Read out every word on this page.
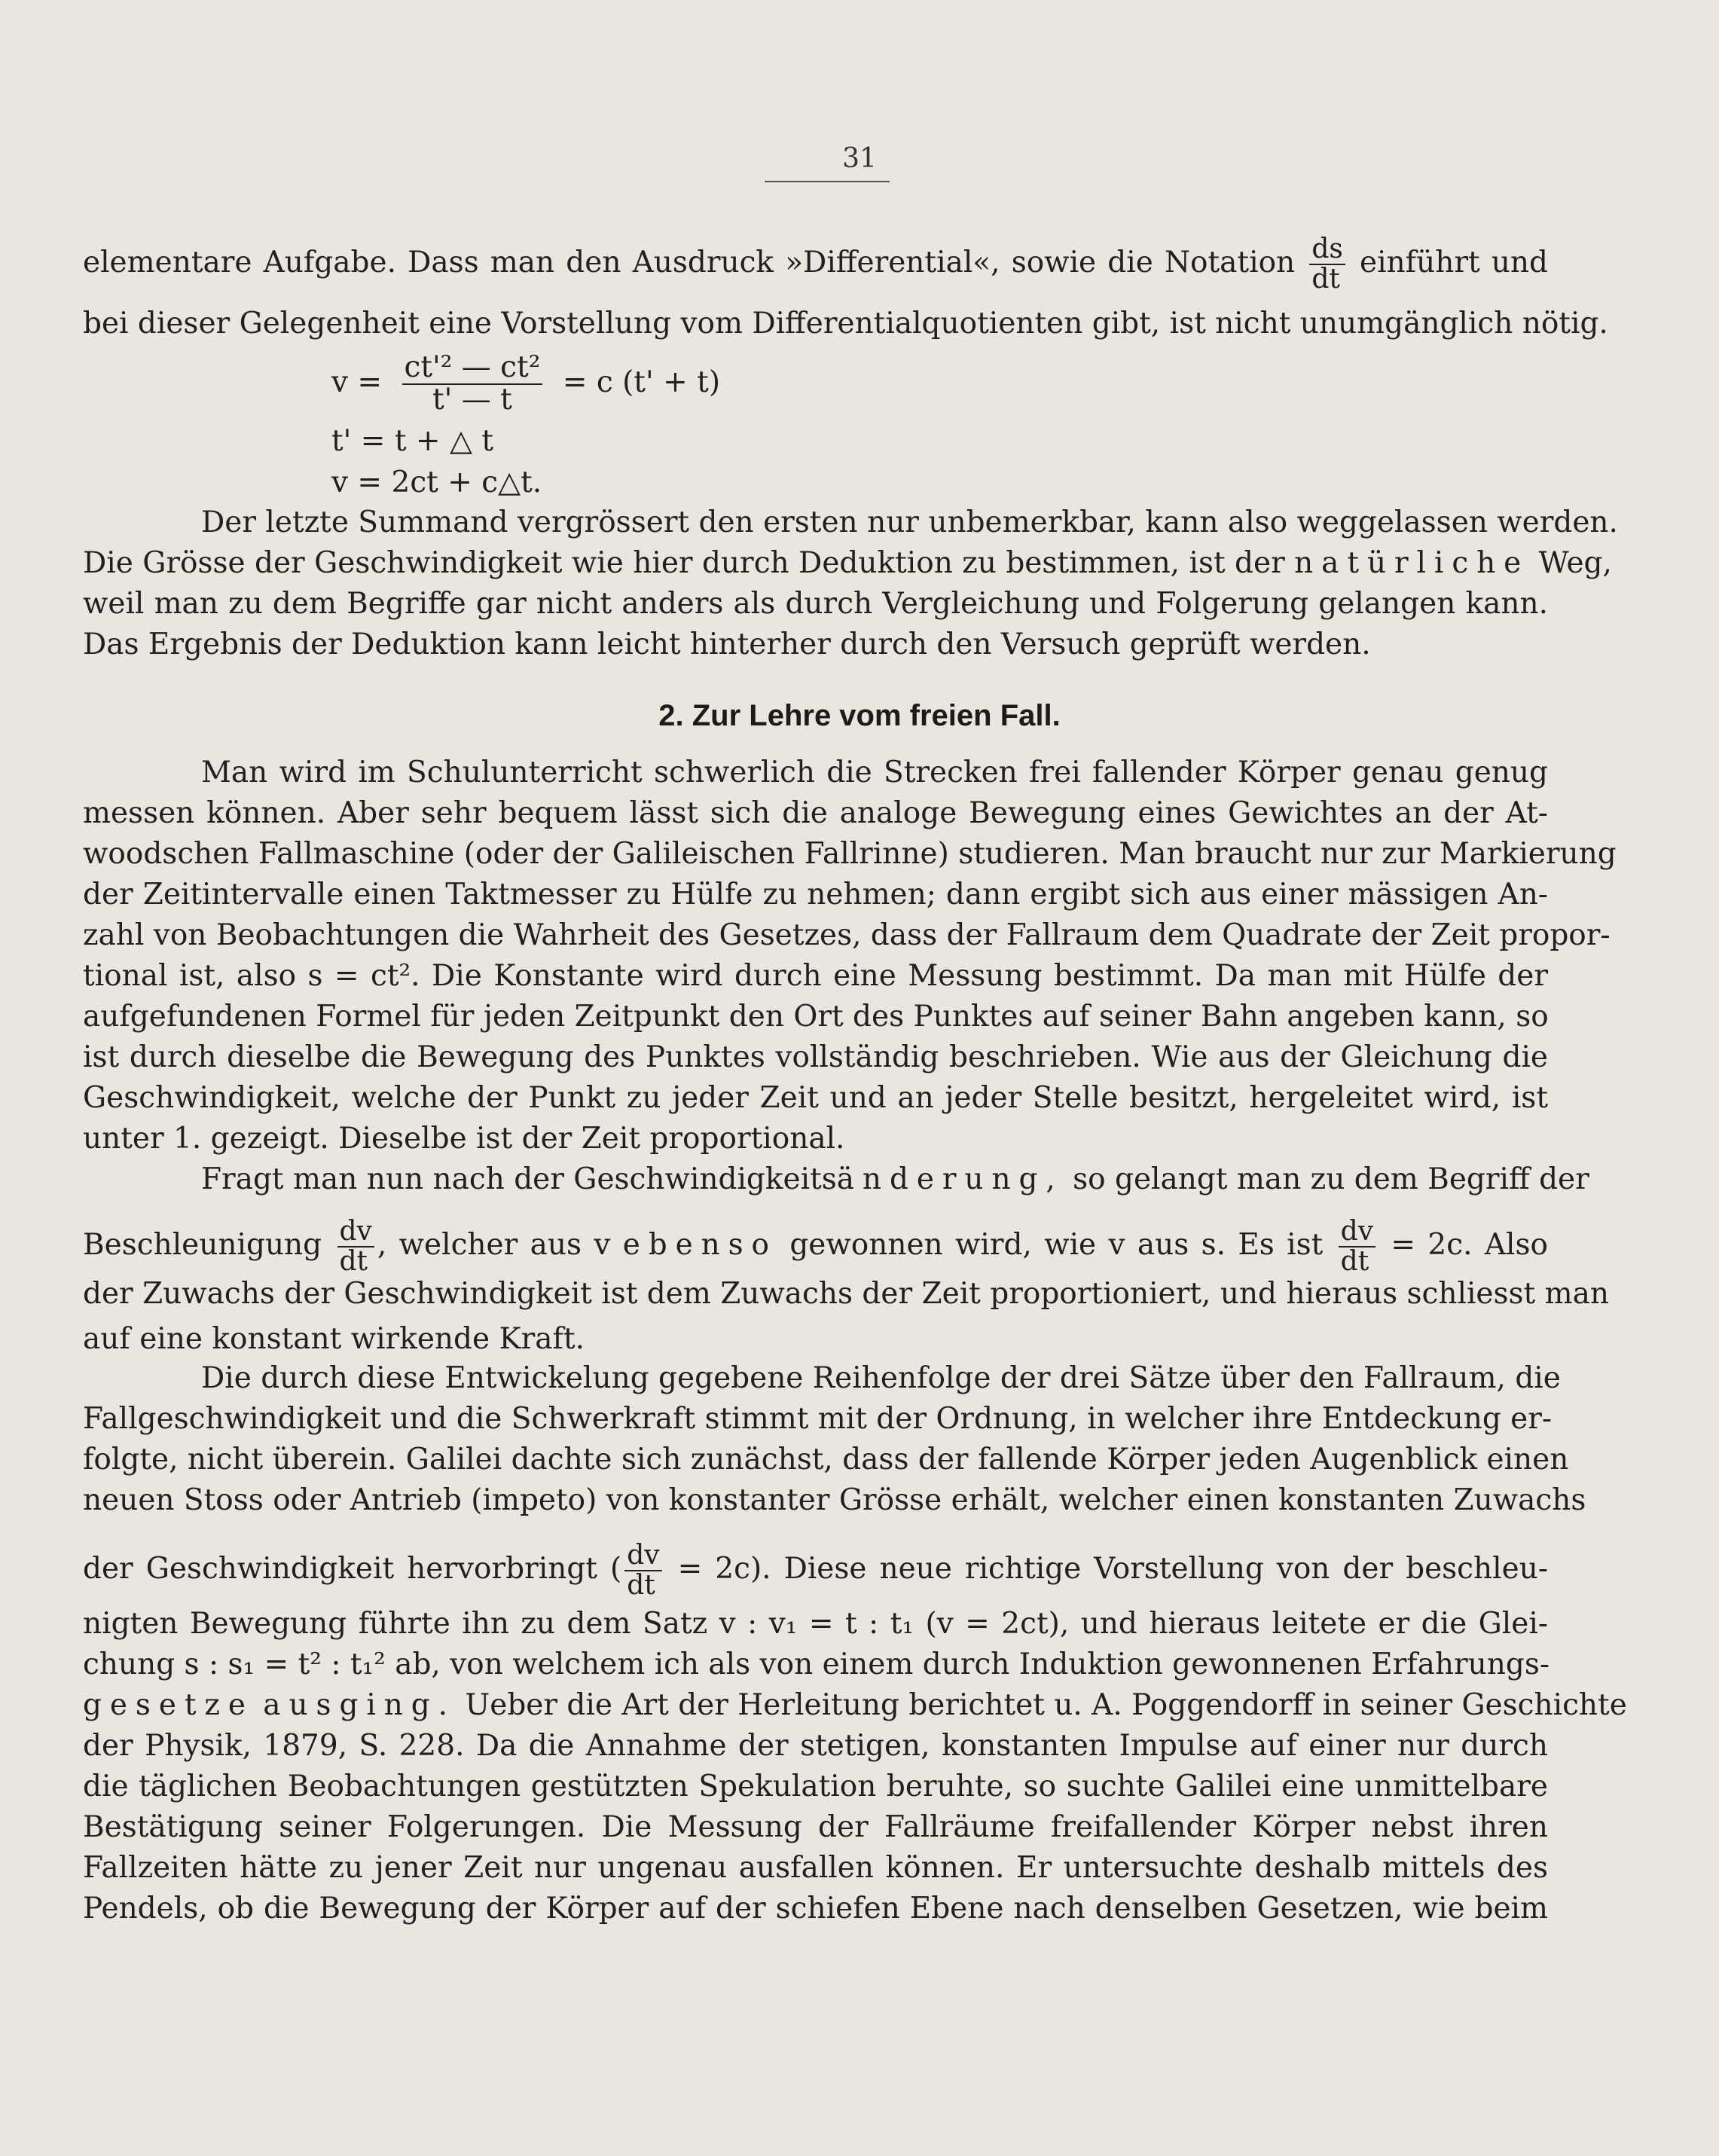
31
elementare Aufgabe. Dass man den Ausdruck »Differential«, sowie die Notation $\frac{ds}{dt}$ einführt und
bei dieser Gelegenheit eine Vorstellung vom Differentialquotienten gibt, ist nicht unumgänglich nötig.
$v = \frac{\text{ct'² — ct²}}{t' — t} = c$ (t' + t)
t' = t + △ t
v = 2ct + c△t.
Der letzte Summand vergrössert den ersten nur unbemerkbar, kann also weggelassen werden.
Die Grösse der Geschwindigkeit wie hier durch Deduktion zu bestimmen, ist der natürliche Weg,
weil man zu dem Begriffe gar nicht anders als durch Vergleichung und Folgerung gelangen kann.
Das Ergebnis der Deduktion kann leicht hinterher durch den Versuch geprüft werden.
2. Zur Lehre vom freien Fall.
Man wird im Schulunterricht schwerlich die Strecken frei fallender Körper genau genug
messen können. Aber sehr bequem lässt sich die analoge Bewegung eines Gewichtes an der At-
woodschen Fallmaschine (oder der Galileischen Fallrinne) studieren. Man braucht nur zur Markierung
der Zeitintervalle einen Taktmesser zu Hülfe zu nehmen; dann ergibt sich aus einer mässigen An-
zahl von Beobachtungen die Wahrheit des Gesetzes, dass der Fallraum dem Quadrate der Zeit propor-
tional ist, also s = ct². Die Konstante wird durch eine Messung bestimmt. Da man mit Hülfe der
aufgefundenen Formel für jeden Zeitpunkt den Ort des Punktes auf seiner Bahn angeben kann, so
ist durch dieselbe die Bewegung des Punktes vollständig beschrieben. Wie aus der Gleichung die
Geschwindigkeit, welche der Punkt zu jeder Zeit und an jeder Stelle besitzt, hergeleitet wird, ist
unter 1. gezeigt. Dieselbe ist der Zeit proportional.
Fragt man nun nach der Geschwindigkeitsänderung, so gelangt man zu dem Begriff der
Beschleunigung $\frac{dv}{dt}$ , welcher aus v ebenso gewonnen wird, wie v aus s. Es ist $\frac{dv}{dt} = 2c$. Also
der Zuwachs der Geschwindigkeit ist dem Zuwachs der Zeit proportioniert, und hieraus schliesst man
auf eine konstant wirkende Kraft.
Die durch diese Entwickelung gegebene Reihenfolge der drei Sätze über den Fallraum, die
Fallgeschwindigkeit und die Schwerkraft stimmt mit der Ordnung, in welcher ihre Entdeckung er-
folgte, nicht überein. Galilei dachte sich zunächst, dass der fallende Körper jeden Augenblick einen
neuen Stoss oder Antrieb (impeto) von konstanter Grösse erhält, welcher einen konstanten Zuwachs
der Geschwindigkeit hervorbringt ( $\frac{dv}{dt} = 2c$). Diese neue richtige Vorstellung von der beschleu-
nigten Bewegung führte ihn zu dem Satz v : v₁ = t : t₁ (v = 2ct), und hieraus leitete er die Glei-
chung s : s₁ = t² : t₁² ab, von welchem ich als von einem durch Induktion gewonnenen Erfahrungs-
gesetze ausging. Ueber die Art der Herleitung berichtet u. A. Poggendorff in seiner Geschichte
der Physik, 1879, S. 228. Da die Annahme der stetigen, konstanten Impulse auf einer nur durch
die täglichen Beobachtungen gestützten Spekulation beruhte, so suchte Galilei eine unmittelbare
Bestätigung seiner Folgerungen. Die Messung der Fallräume freifallender Körper nebst ihren
Fallzeiten hätte zu jener Zeit nur ungenau ausfallen können. Er untersuchte deshalb mittels des
Pendels, ob die Bewegung der Körper auf der schiefen Ebene nach denselben Gesetzen, wie beim
